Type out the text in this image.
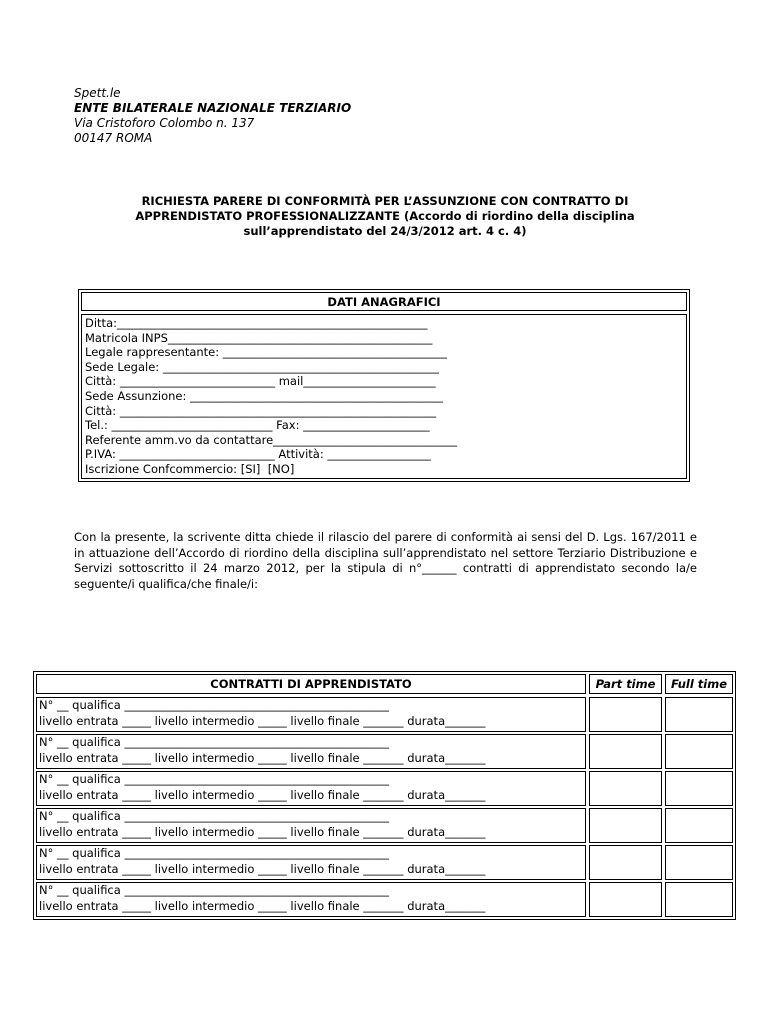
Spett.le
ENTE BILATERALE NAZIONALE TERZIARIO
Via Cristoforo Colombo n. 137
00147 ROMA
RICHIESTA PARERE DI CONFORMITÀ PER L’ASSUNZIONE CON CONTRATTO DI
APPRENDISTATO PROFESSIONALIZZANTE (Accordo di riordino della disciplina
sull’apprendistato del 24/3/2012 art. 4 c. 4)
DATI ANAGRAFICI
Ditta:______________________________________________________
Matricola INPS______________________________________________
Legale rappresentante: _______________________________________
Sede Legale: ________________________________________________
Città: ___________________________ mail_______________________
Sede Assunzione: ____________________________________________
Città: _______________________________________________________
Tel.: ____________________________ Fax: ______________________
Referente amm.vo da contattare________________________________
P.IVA: ___________________________ Attività: __________________
Iscrizione Confcommercio: [SI]  [NO]
Con la presente, la scrivente ditta chiede il rilascio del parere di conformità ai sensi del D. Lgs. 167/2011 e in attuazione dell’Accordo di riordino della disciplina sull’apprendistato nel settore Terziario Distribuzione e Servizi sottoscritto il 24 marzo 2012, per la stipula di n°______ contratti di apprendistato secondo la/e seguente/i qualifica/che finale/i:
CONTRATTI DI APPRENDISTATO	Part time	Full time
N° __ qualifica ______________________________________________
livello entrata _____ livello intermedio _____ livello finale _______ durata_______
N° __ qualifica ______________________________________________
livello entrata _____ livello intermedio _____ livello finale _______ durata_______
N° __ qualifica ______________________________________________
livello entrata _____ livello intermedio _____ livello finale _______ durata_______
N° __ qualifica ______________________________________________
livello entrata _____ livello intermedio _____ livello finale _______ durata_______
N° __ qualifica ______________________________________________
livello entrata _____ livello intermedio _____ livello finale _______ durata_______
N° __ qualifica ______________________________________________
livello entrata _____ livello intermedio _____ livello finale _______ durata_______
